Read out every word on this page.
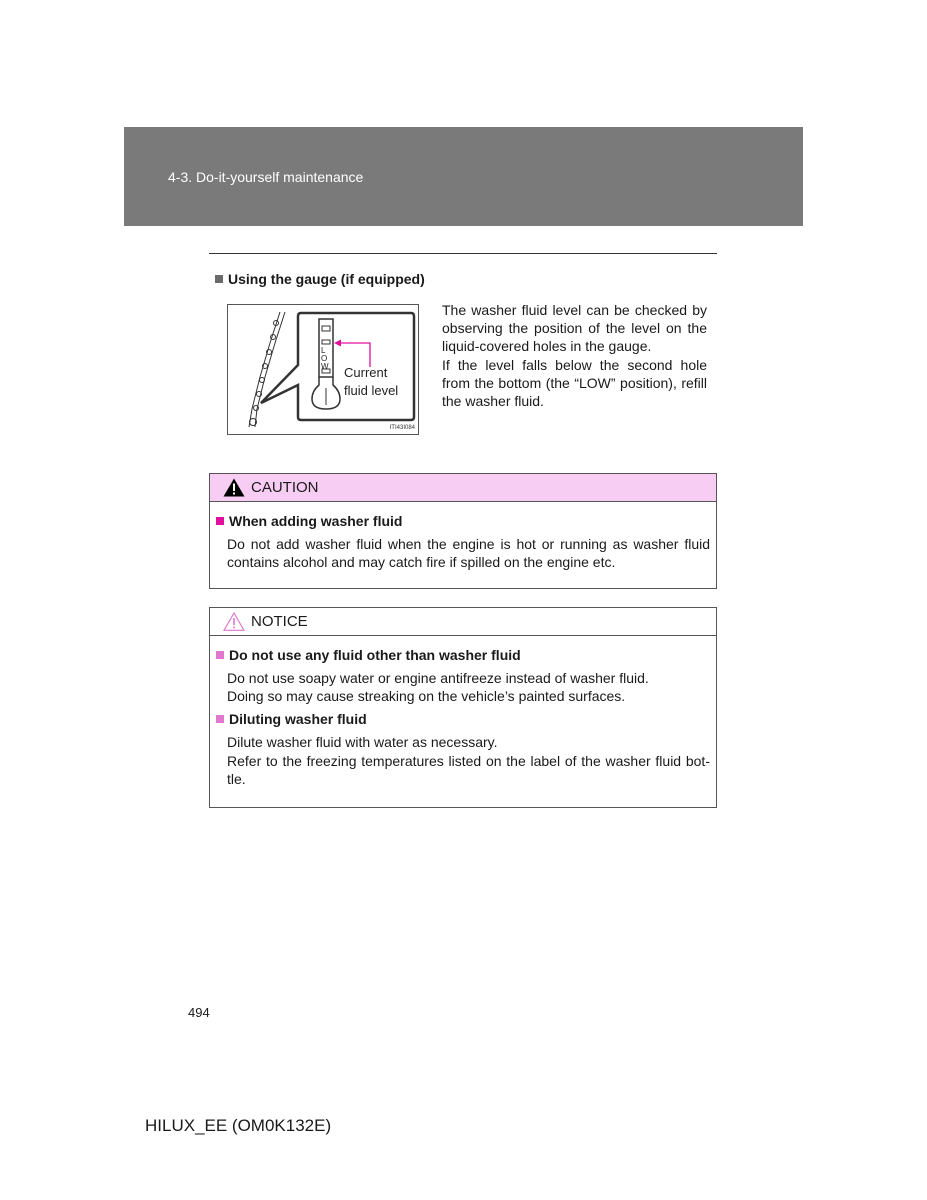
4-3. Do-it-yourself maintenance
Using the gauge (if equipped)
L
O
W Current
fluid level
ITI43I084

The washer fluid level can be checked by observing the position of the level on the liquid-covered holes in the gauge.

If the level falls below the second hole from the bottom (the “LOW” position), refill the washer fluid.

CAUTION
When adding washer fluid
Do not add washer fluid when the engine is hot or running as washer fluid contains alcohol and may catch fire if spilled on the engine etc.
NOTICE
Do not use any fluid other than washer fluid
Do not use soapy water or engine antifreeze instead of washer fluid.
Doing so may cause streaking on the vehicle’s painted surfaces.
Diluting washer fluid
Dilute washer fluid with water as necessary.
Refer to the freezing temperatures listed on the label of the washer fluid bot-tle.
494
HILUX_EE (OM0K132E)
